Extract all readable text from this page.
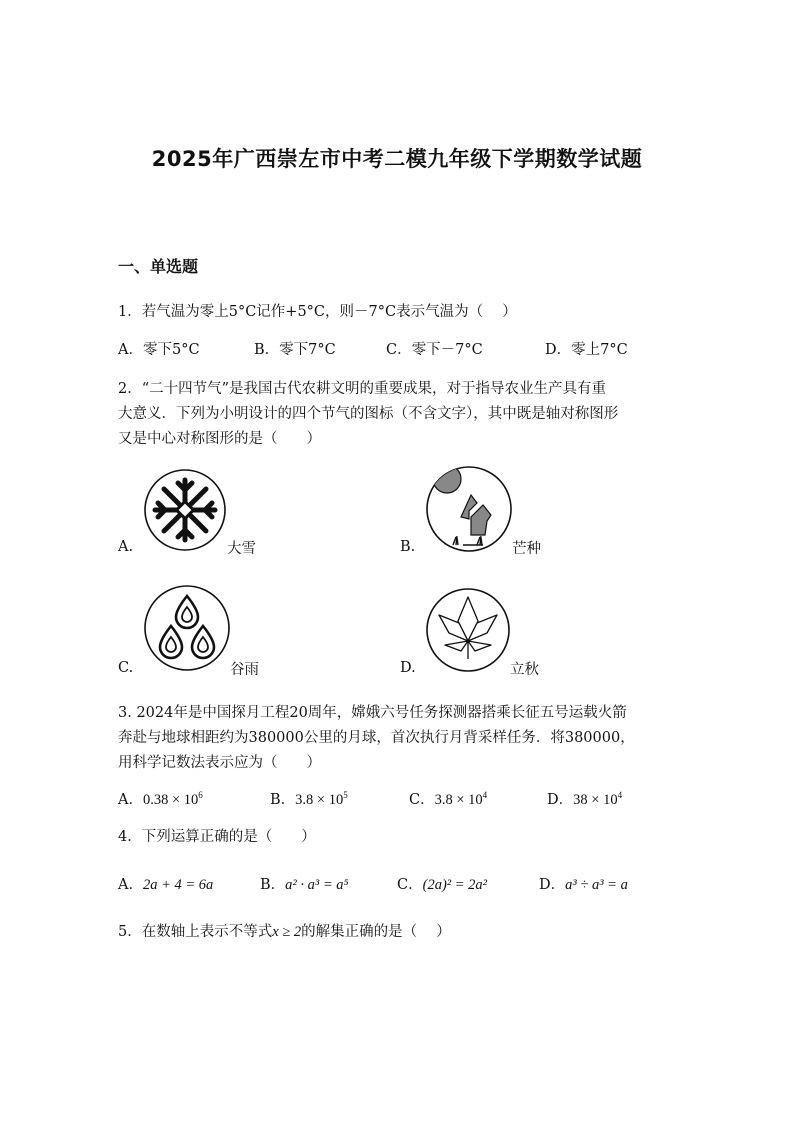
2025年广西崇左市中考二模九年级下学期数学试题
一、单选题
1．若气温为零上5°C记作+5°C，则－7°C表示气温为（　 ）
A．零下5°C	B．零下7°C	C．零下－7°C	D．零上7°C
2．“二十四节气”是我国古代农耕文明的重要成果，对于指导农业生产具有重
大意义．下列为小明设计的四个节气的图标（不含文字），其中既是轴对称图形
又是中心对称图形的是（　　）
A.	大雪	B.	芒种
C.	谷雨	D.	立秋
3. 2024年是中国探月工程20周年，嫦娥六号任务探测器搭乘长征五号运载火箭
奔赴与地球相距约为380000公里的月球，首次执行月背采样任务．将380000，
用科学记数法表示应为（　　）
A．$0.38 \times 10^6$	B．$3.8 \times 10^5$	C．$3.8 \times 10^4$	D．$38 \times 10^4$
4．下列运算正确的是（　　）
A．2a + 4 = 6a	B．a² · a³ = a⁵	C．(2a)² = 2a²	D．a³ ÷ a³ = a
5．在数轴上表示不等式x ≥ 2的解集正确的是（　 ）
